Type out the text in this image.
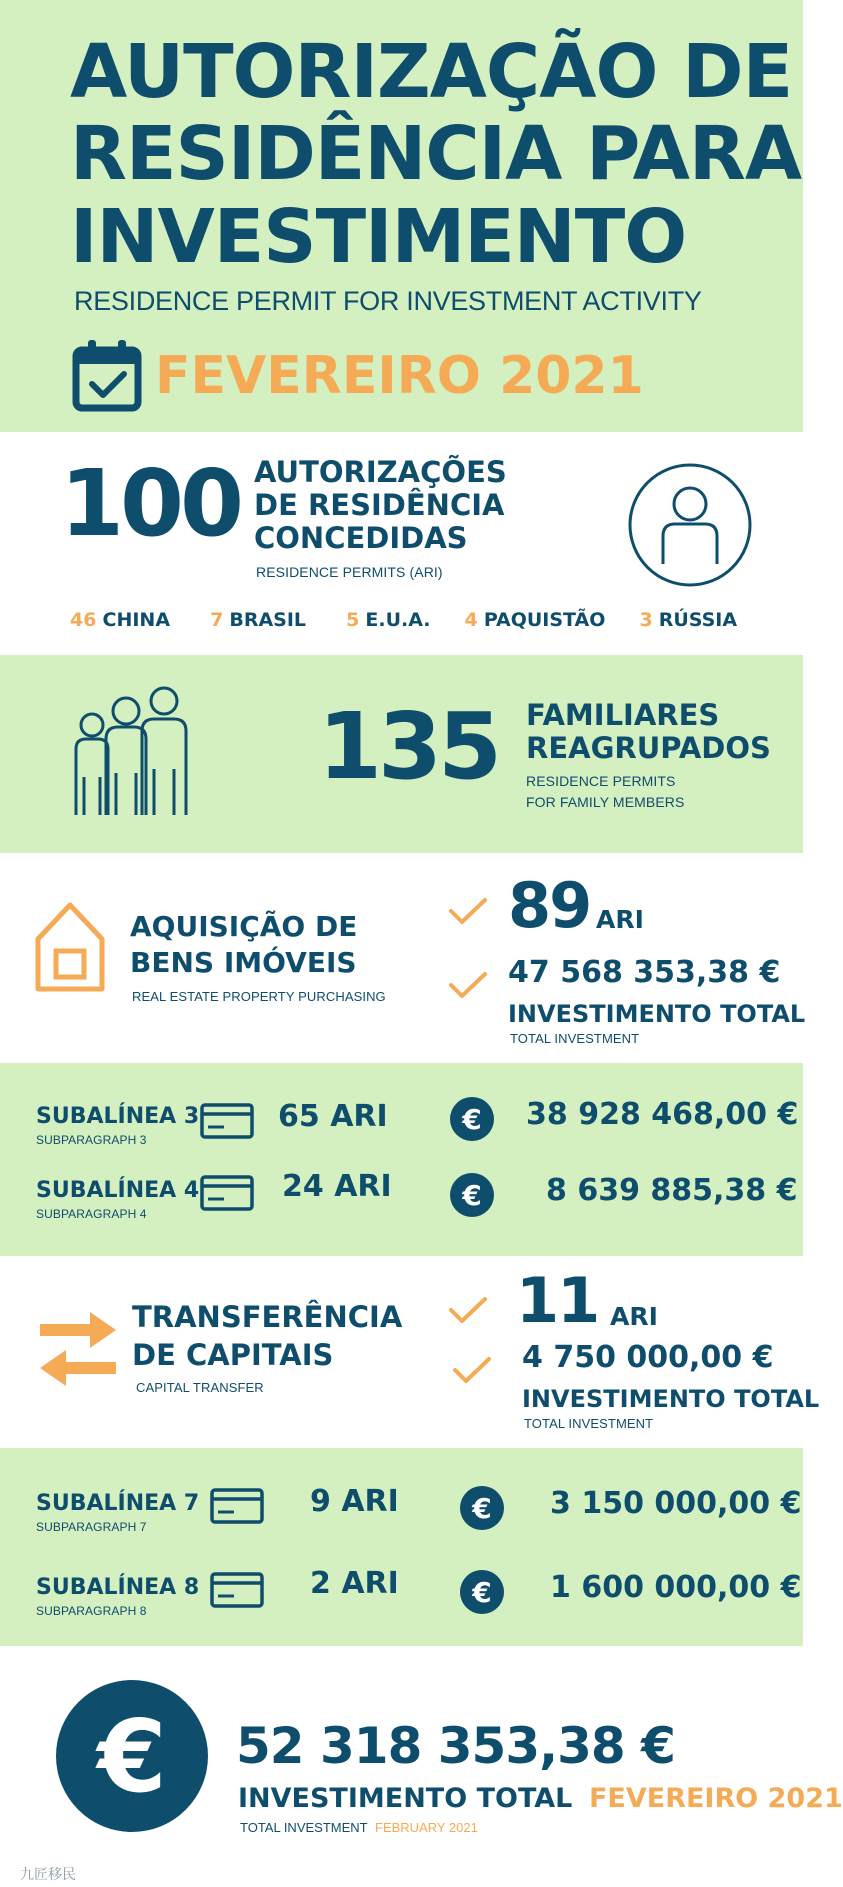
AUTORIZAÇÃO DE
RESIDÊNCIA PARA
INVESTIMENTO
RESIDENCE PERMIT FOR INVESTMENT ACTIVITY
FEVEREIRO 2021
100 AUTORIZAÇÕES
DE RESIDÊNCIA
CONCEDIDAS
RESIDENCE PERMITS (ARI)
46 CHINA 7 BRASIL 5 E.U.A. 4 PAQUISTÃO 3 RÚSSIA
135 FAMILIARES
REAGRUPADOS
RESIDENCE PERMITS
FOR FAMILY MEMBERS
AQUISIÇÃO DE
BENS IMÓVEIS
REAL ESTATE PROPERTY PURCHASING
89 ARI
47 568 353,38 €
INVESTIMENTO TOTAL
TOTAL INVESTMENT
SUBALÍNEA 3
SUBPARAGRAPH 3
65 ARI	€	38 928 468,00 €
SUBALÍNEA 4
SUBPARAGRAPH 4
24 ARI	€	8 639 885,38 €
TRANSFERÊNCIA
DE CAPITAIS
CAPITAL TRANSFER
11 ARI
4 750 000,00 €
INVESTIMENTO TOTAL
TOTAL INVESTMENT
SUBALÍNEA 7
SUBPARAGRAPH 7
9 ARI	€	3 150 000,00 €
SUBALÍNEA 8
SUBPARAGRAPH 8
2 ARI	€	1 600 000,00 €
€	52 318 353,38 €
INVESTIMENTO TOTAL FEVEREIRO 2021
TOTAL INVESTMENT FEBRUARY 2021
九匠移民
